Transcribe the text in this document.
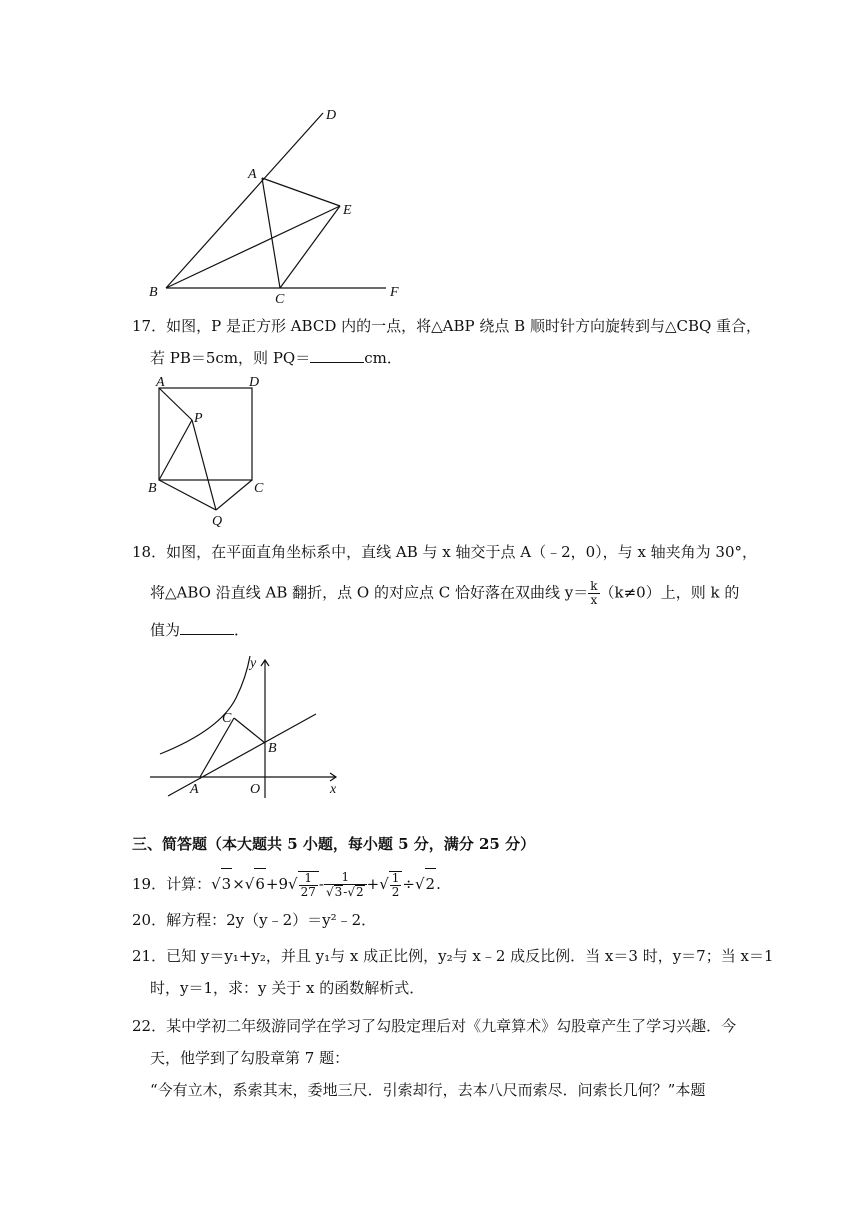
D
A
E
B	C	F
17．如图，P 是正方形 ABCD 内的一点，将△ABP 绕点 B 顺时针方向旋转到与△CBQ 重合，
若 PB＝5cm，则 PQ＝	cm．
A	D
P
B	C
Q
18．如图，在平面直角坐标系中，直线 AB 与 x 轴交于点 A（﹣2，0），与 x 轴夹角为 30°，
将△ABO 沿直线 AB 翻折，点 O 的对应点 C 恰好落在双曲线 $y= \frac{k}{x} (k\ne 0)$上，则 k 的
值为	．
y
C
B
A	O	x
三、简答题（本大题共 5 小题，每小题 5 分，满分 25 分）
19．计算：$√3\times√6+9√ \frac{1}{27} - \frac{1}{√3-√2}$ +√ $\frac{1}{2} \div√2$.
20．解方程：2y（y﹣2）＝y²﹣2．
21．已知 y＝y₁+y₂，并且 y₁与 x 成正比例，y₂与 x﹣2 成反比例．当 x＝3 时，y＝7；当 x＝1
时，y＝1，求：y 关于 x 的函数解析式．
22．某中学初二年级游同学在学习了勾股定理后对《九章算术》勾股章产生了学习兴趣．今
天，他学到了勾股章第 7 题：
“今有立木，系索其末，委地三尺．引索却行，去本八尺而索尽．问索长几何？”本题
